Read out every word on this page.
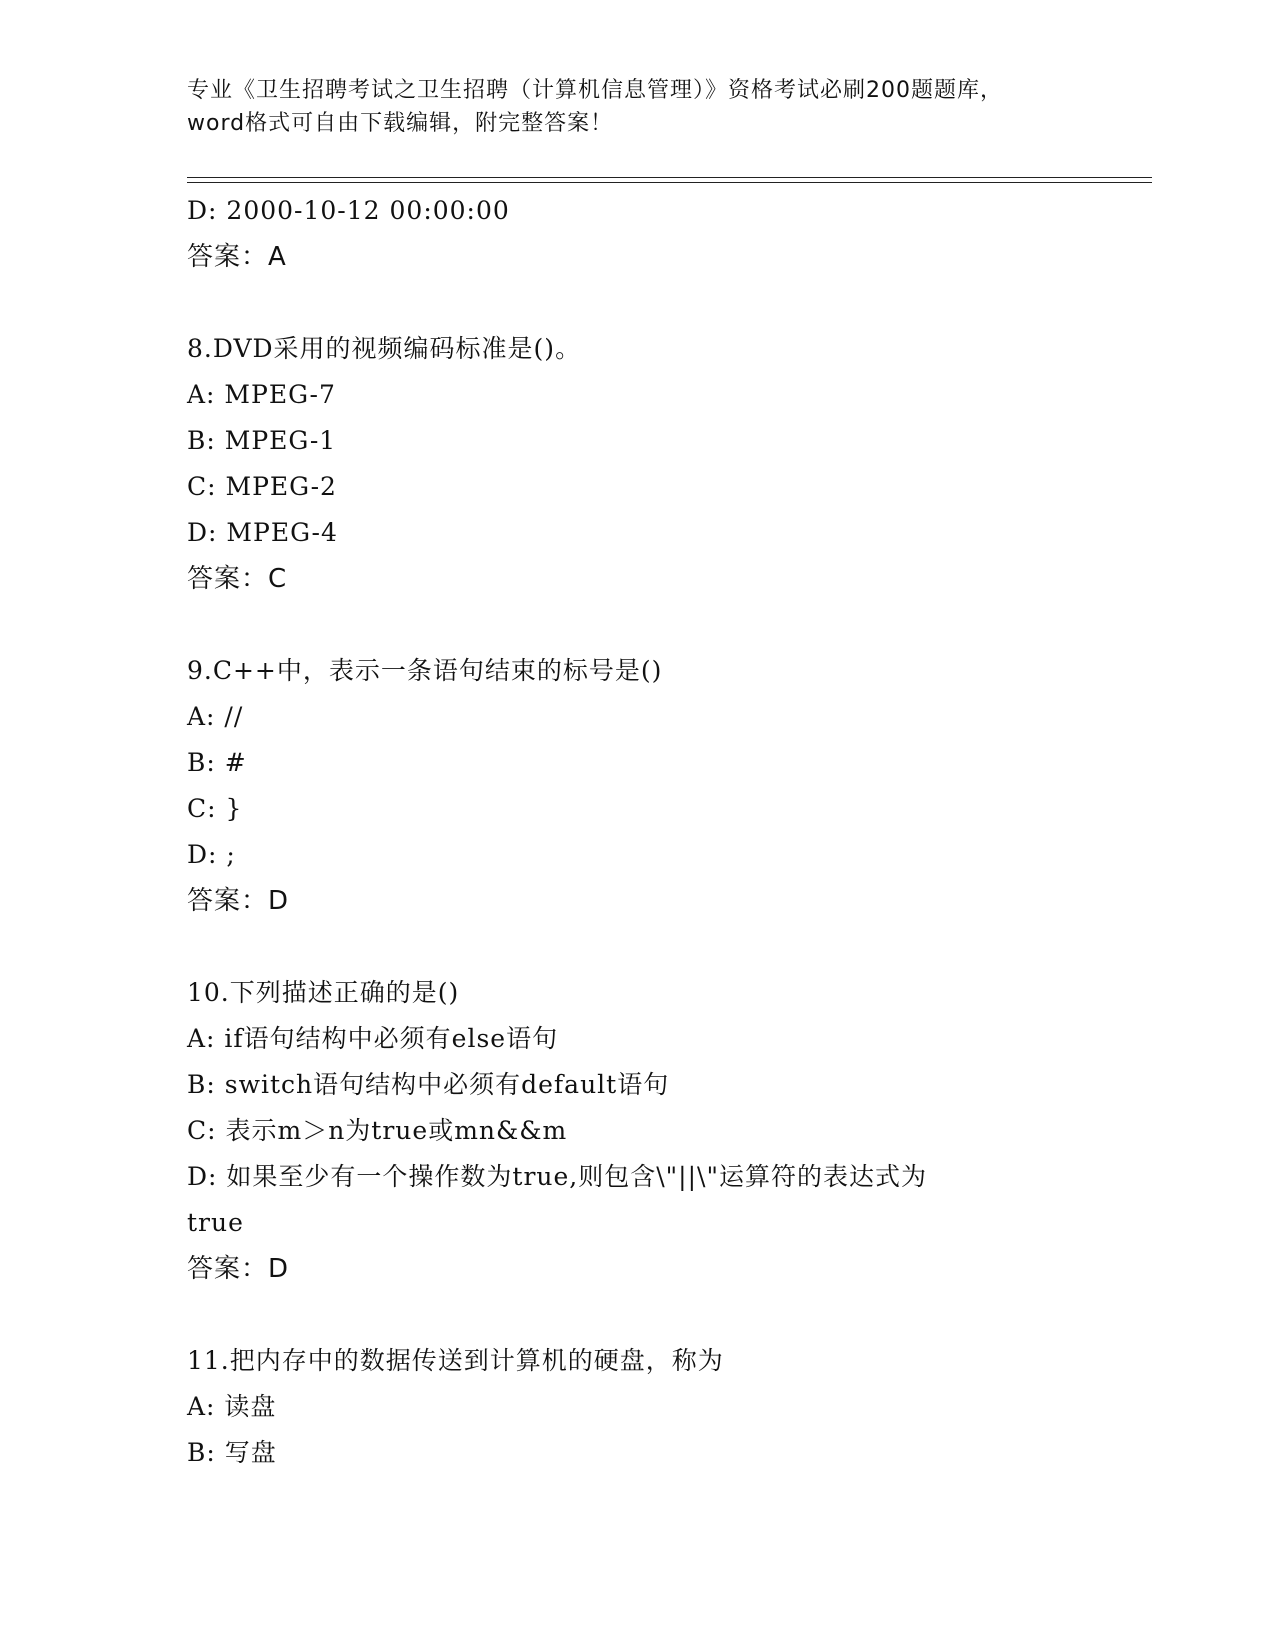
专业《卫生招聘考试之卫生招聘（计算机信息管理）》资格考试必刷200题题库，
word格式可自由下载编辑，附完整答案！
D: 2000-10-12 00:00:00
答案：A
8.DVD采用的视频编码标准是()。
A: MPEG-7
B: MPEG-1
C: MPEG-2
D: MPEG-4
答案：C
9.C++中，表示一条语句结束的标号是()
A: //
B: #
C: }
D: ;
答案：D
10.下列描述正确的是()
A: if语句结构中必须有else语句
B: switch语句结构中必须有default语句
C: 表示m＞n为true或mn&&m
D: 如果至少有一个操作数为true,则包含\"||\"运算符的表达式为
true
答案：D
11.把内存中的数据传送到计算机的硬盘，称为
A: 读盘
B: 写盘
